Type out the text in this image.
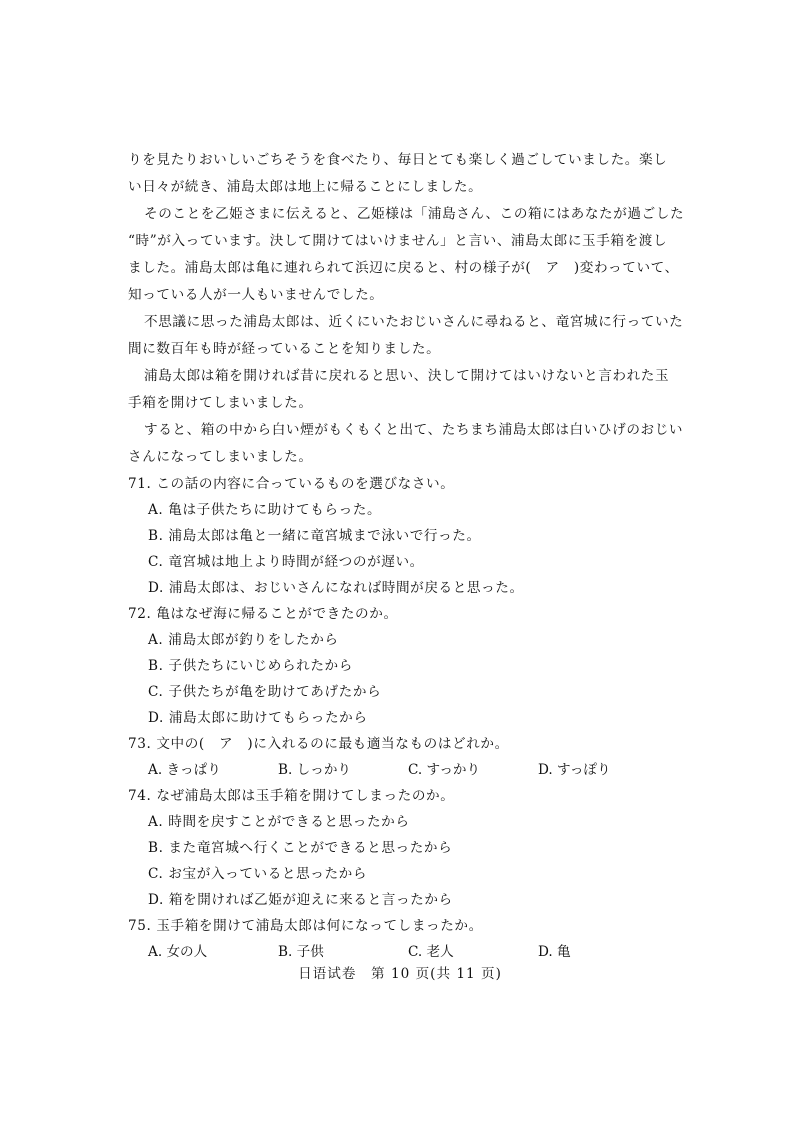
りを見たりおいしいごちそうを食べたり、毎日とても楽しく過ごしていました。楽し
い日々が続き、浦島太郎は地上に帰ることにしました。
そのことを乙姫さまに伝えると、乙姫様は「浦島さん、この箱にはあなたが過ごした
“時”が入っています。決して開けてはいけません」と言い、浦島太郎に玉手箱を渡し
ました。浦島太郎は亀に連れられて浜辺に戻ると、村の様子が(　ア　)変わっていて、
知っている人が一人もいませんでした。
不思議に思った浦島太郎は、近くにいたおじいさんに尋ねると、竜宮城に行っていた
間に数百年も時が経っていることを知りました。
浦島太郎は箱を開ければ昔に戻れると思い、決して開けてはいけないと言われた玉
手箱を開けてしまいました。
すると、箱の中から白い煙がもくもくと出て、たちまち浦島太郎は白いひげのおじい
さんになってしまいました。
71. この話の内容に合っているものを選びなさい。
A. 亀は子供たちに助けてもらった。
B. 浦島太郎は亀と一緒に竜宮城まで泳いで行った。
C. 竜宮城は地上より時間が経つのが遅い。
D. 浦島太郎は、おじいさんになれば時間が戻ると思った。
72. 亀はなぜ海に帰ることができたのか。
A. 浦島太郎が釣りをしたから
B. 子供たちにいじめられたから
C. 子供たちが亀を助けてあげたから
D. 浦島太郎に助けてもらったから
73. 文中の(　ア　)に入れるのに最も適当なものはどれか。
A. きっぱり	B. しっかり	C. すっかり	D. すっぽり
74. なぜ浦島太郎は玉手箱を開けてしまったのか。
A. 時間を戻すことができると思ったから
B. また竜宮城へ行くことができると思ったから
C. お宝が入っていると思ったから
D. 箱を開ければ乙姫が迎えに来ると言ったから
75. 玉手箱を開けて浦島太郎は何になってしまったか。
A. 女の人	B. 子供	C. 老人	D. 亀
日语试卷　第 10 页(共 11 页)
